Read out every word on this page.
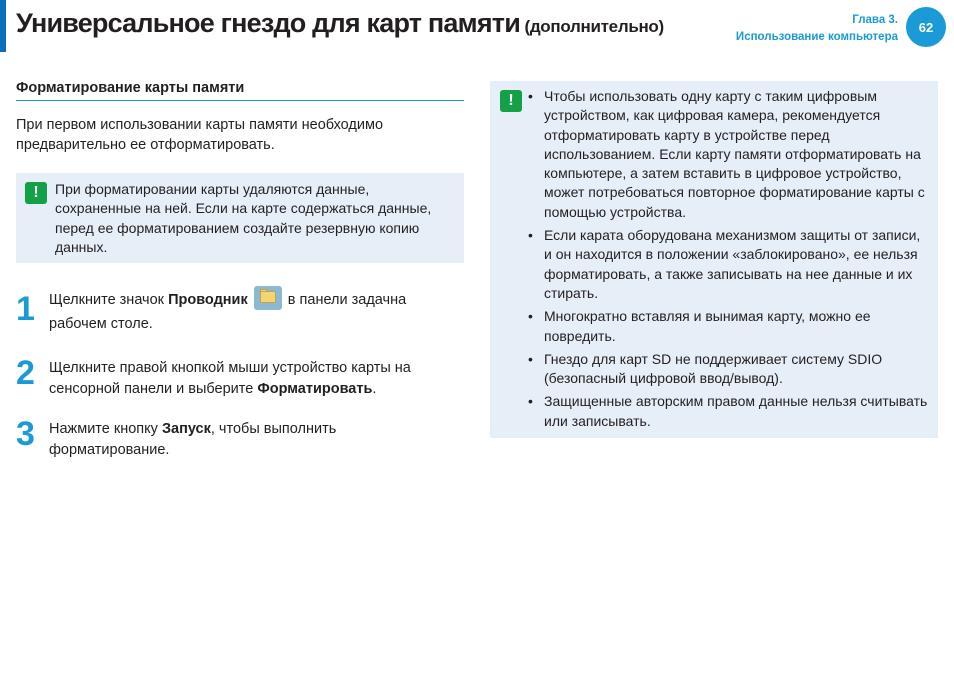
Универсальное гнездо для карт памяти (дополнительно)	Глава 3.
Использование компьютера
62
Форматирование карты памяти
При первом использовании карты памяти необходимо предварительно ее отформатировать.
!	При форматировании карты удаляются данные, сохраненные на ней. Если на карте содержаться данные, перед ее форматированием создайте резервную копию данных.
1 Щелкните значок Проводник
в панели задачна рабочем столе.
2 Щелкните правой кнопкой мыши устройство карты на сенсорной панели и выберите Форматировать.
3 Нажмите кнопку Запуск, чтобы выполнить форматирование.
!
•	Чтобы использовать одну карту с таким цифровым устройством, как цифровая камера, рекомендуется отформатировать карту в устройстве перед использованием. Если карту памяти отформатировать на компьютере, а затем вставить в цифровое устройство, может потребоваться повторное форматирование карты с помощью устройства.
• Если карата оборудована механизмом защиты от записи, и он находится в положении «заблокировано», ее нельзя форматировать, а также записывать на нее данные и их стирать.
• Многократно вставляя и вынимая карту, можно ее повредить.
• Гнездо для карт SD не поддерживает систему SDIO (безопасный цифровой ввод/вывод).
• Защищенные авторским правом данные нельзя считывать или записывать.
